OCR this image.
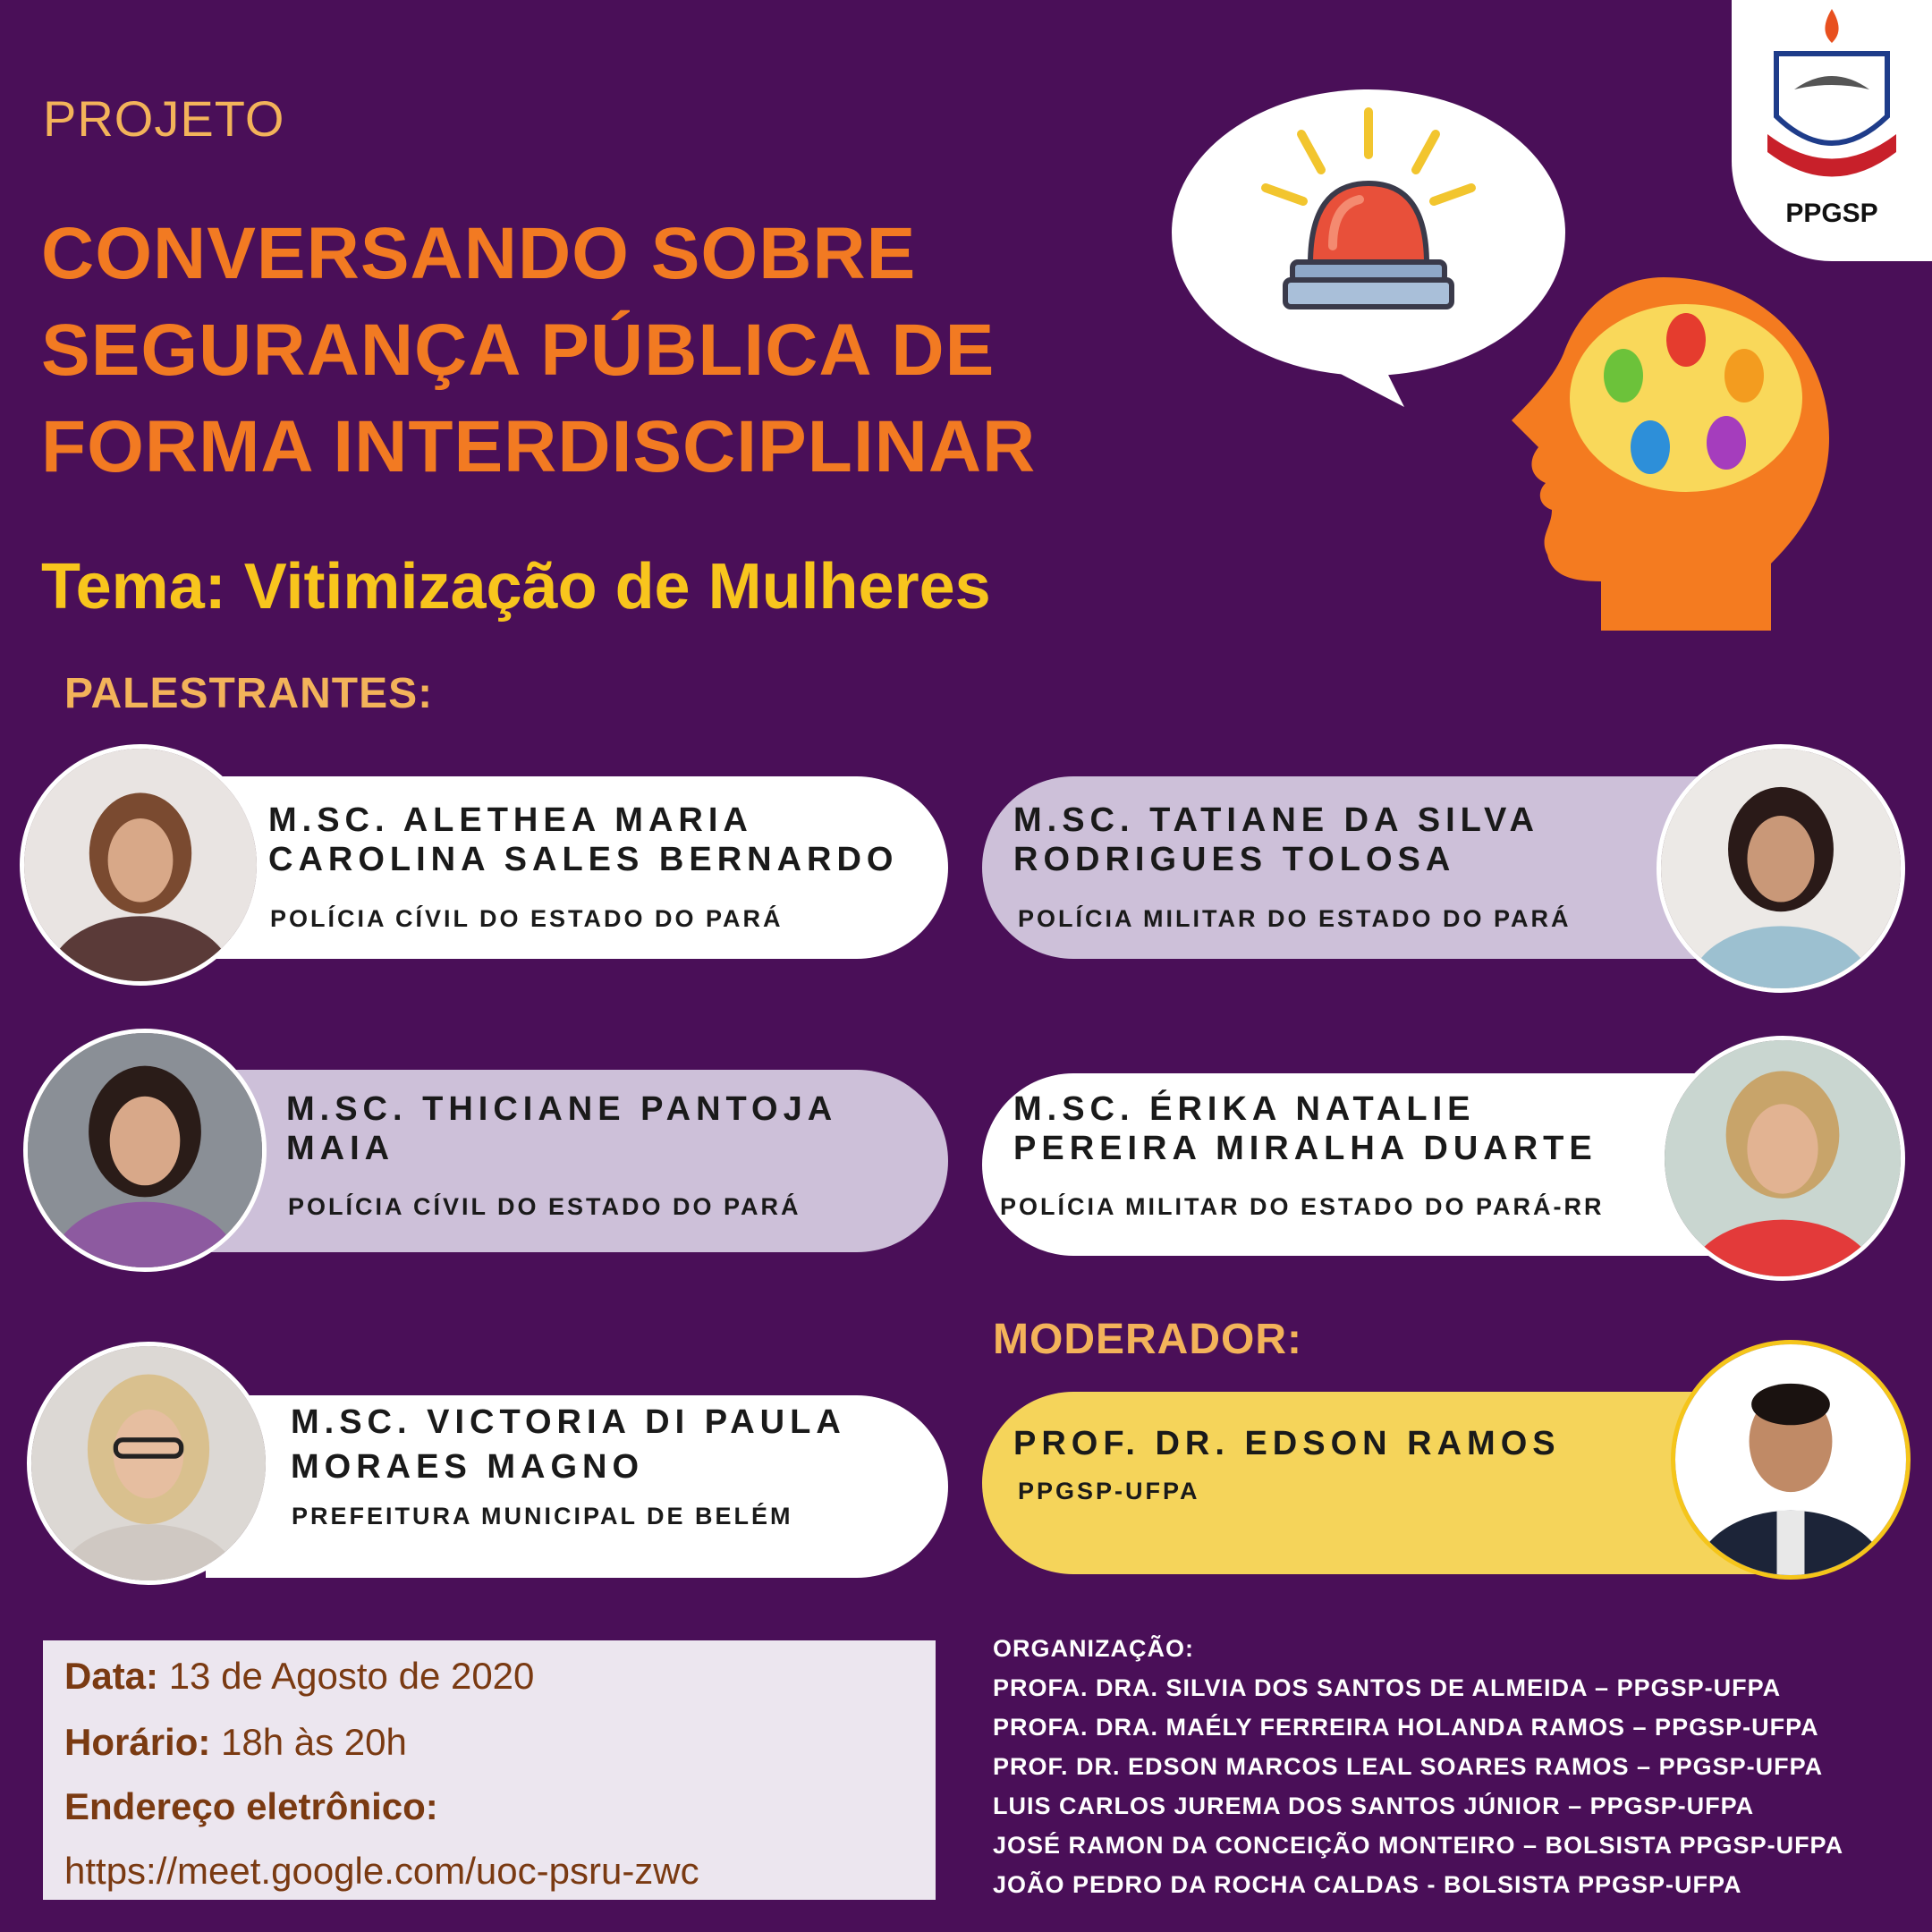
PROJETO
CONVERSANDO SOBRE
SEGURANÇA PÚBLICA DE
FORMA INTERDISCIPLINAR
Tema: Vitimização de Mulheres
PPGSP
PALESTRANTES:
M.SC. ALETHEA MARIA
CAROLINA SALES BERNARDO
POLÍCIA CÍVIL DO ESTADO DO PARÁ
M.SC. TATIANE DA SILVA
RODRIGUES TOLOSA
POLÍCIA MILITAR DO ESTADO DO PARÁ
M.SC. THICIANE PANTOJA
MAIA
POLÍCIA CÍVIL DO ESTADO DO PARÁ
M.SC. ÉRIKA NATALIE
PEREIRA MIRALHA DUARTE
POLÍCIA MILITAR DO ESTADO DO PARÁ-RR
M.SC. VICTORIA DI PAULA
MORAES MAGNO
PREFEITURA MUNICIPAL DE BELÉM
MODERADOR:
PROF. DR. EDSON RAMOS
PPGSP-UFPA
Data: 13 de Agosto de 2020
Horário: 18h às 20h
Endereço eletrônico:
https://meet.google.com/uoc-psru-zwc
ORGANIZAÇÃO:
PROFA. DRA. SILVIA DOS SANTOS DE ALMEIDA – PPGSP-UFPA
PROFA. DRA. MAÉLY FERREIRA HOLANDA RAMOS – PPGSP-UFPA
PROF. DR. EDSON MARCOS LEAL SOARES RAMOS – PPGSP-UFPA
LUIS CARLOS JUREMA DOS SANTOS JÚNIOR – PPGSP-UFPA
JOSÉ RAMON DA CONCEIÇÃO MONTEIRO – BOLSISTA PPGSP-UFPA
JOÃO PEDRO DA ROCHA CALDAS - BOLSISTA PPGSP-UFPA
